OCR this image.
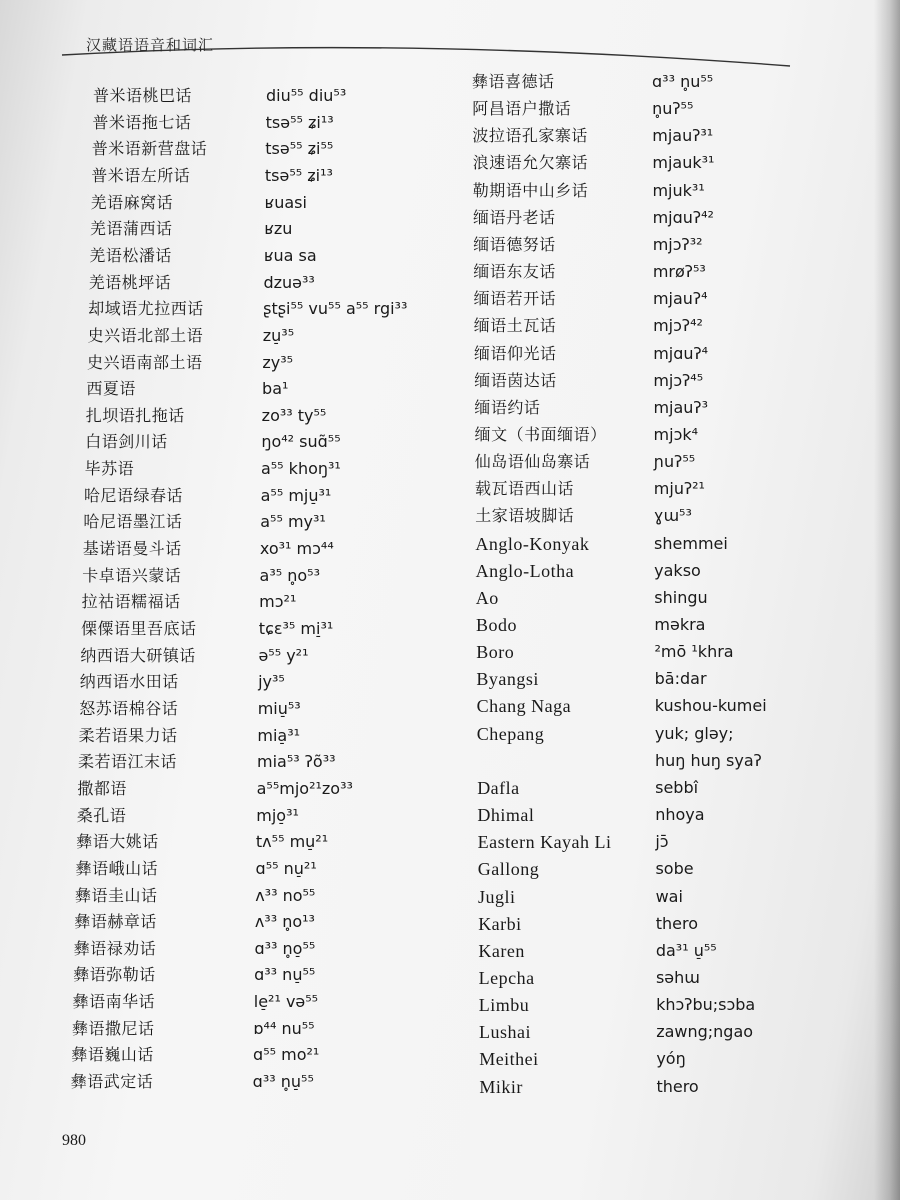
汉藏语语音和词汇
普米语桃巴话	diu⁵⁵ diu⁵³
普米语拖七话	tsə⁵⁵ ʑi¹³
普米语新营盘话	tsə⁵⁵ ʑi⁵⁵
普米语左所话	tsə⁵⁵ ʑi¹³
羌语麻窝话	ʁuasi
羌语蒲西话	ʁzu
羌语松潘话	ʁua sa
羌语桃坪话	dzuə³³
却域语尤拉西话	ʂtʂi⁵⁵ vu⁵⁵ a⁵⁵ rgi³³
史兴语北部土语	zu̠³⁵
史兴语南部土语	zy³⁵
西夏语	ba¹
扎坝语扎拖话	zo³³ ty⁵⁵
白语剑川话	ŋo⁴² suɑ̃⁵⁵
毕苏语	a⁵⁵ khoŋ³¹
哈尼语绿春话	a⁵⁵ mju̠³¹
哈尼语墨江话	a⁵⁵ my³¹
基诺语曼斗话	xo³¹ mɔ⁴⁴
卡卓语兴蒙话	a³⁵ n̥o⁵³
拉祜语糯福话	mɔ²¹
傈僳语里吾底话	tɕɛ³⁵ mi̠³¹
纳西语大研镇话	ə⁵⁵ y²¹
纳西语水田话	jy³⁵
怒苏语棉谷话	miu̠⁵³
柔若语果力话	mia̠³¹
柔若语江末话	mia⁵³ ʔõ³³
撒都语	a⁵⁵mjo²¹zo³³
桑孔语	mjo̠³¹
彝语大姚话	tʌ⁵⁵ mu̠²¹
彝语峨山话	ɑ⁵⁵ nu̠²¹
彝语圭山话	ʌ³³ no⁵⁵
彝语赫章话	ʌ³³ n̥o¹³
彝语禄劝话	ɑ³³ n̥o̠⁵⁵
彝语弥勒话	ɑ³³ nu̠⁵⁵
彝语南华话	le̠²¹ və⁵⁵
彝语撒尼话	ɒ⁴⁴ nu⁵⁵
彝语巍山话	ɑ⁵⁵ mo²¹
彝语武定话	ɑ³³ n̥u̠⁵⁵
彝语喜德话	ɑ³³ n̥u⁵⁵
阿昌语户撒话	n̥uʔ⁵⁵
波拉语孔家寨话	mjauʔ³¹
浪速语允欠寨话	mjauk³¹
勒期语中山乡话	mjuk³¹
缅语丹老话	mjɑuʔ⁴²
缅语德努话	mjɔʔ³²
缅语东友话	mrøʔ⁵³
缅语若开话	mjauʔ⁴
缅语土瓦话	mjɔʔ⁴²
缅语仰光话	mjɑuʔ⁴
缅语茵达话	mjɔʔ⁴⁵
缅语约话	mjauʔ³
缅文（书面缅语）	mjɔk⁴
仙岛语仙岛寨话	ɲuʔ⁵⁵
载瓦语西山话	mjuʔ²¹
土家语坡脚话	ɣɯ⁵³
Anglo-Konyak	shemmei
Anglo-Lotha	yakso
Ao	shingu
Bodo	məkra
Boro	²mō ¹khra
Byangsi	bā:dar
Chang Naga	kushou-kumei
Chepang	yuk; gləy;
huŋ huŋ syaʔ
Dafla	sebbî
Dhimal	nhoya
Eastern Kayah Li	jɔ̄
Gallong	sobe
Jugli	wai
Karbi	thero
Karen	da³¹ u̠⁵⁵
Lepcha	səhɯ
Limbu	khɔʔbu;sɔba
Lushai	zawng;ngao
Meithei	yóŋ
Mikir	thero
980
